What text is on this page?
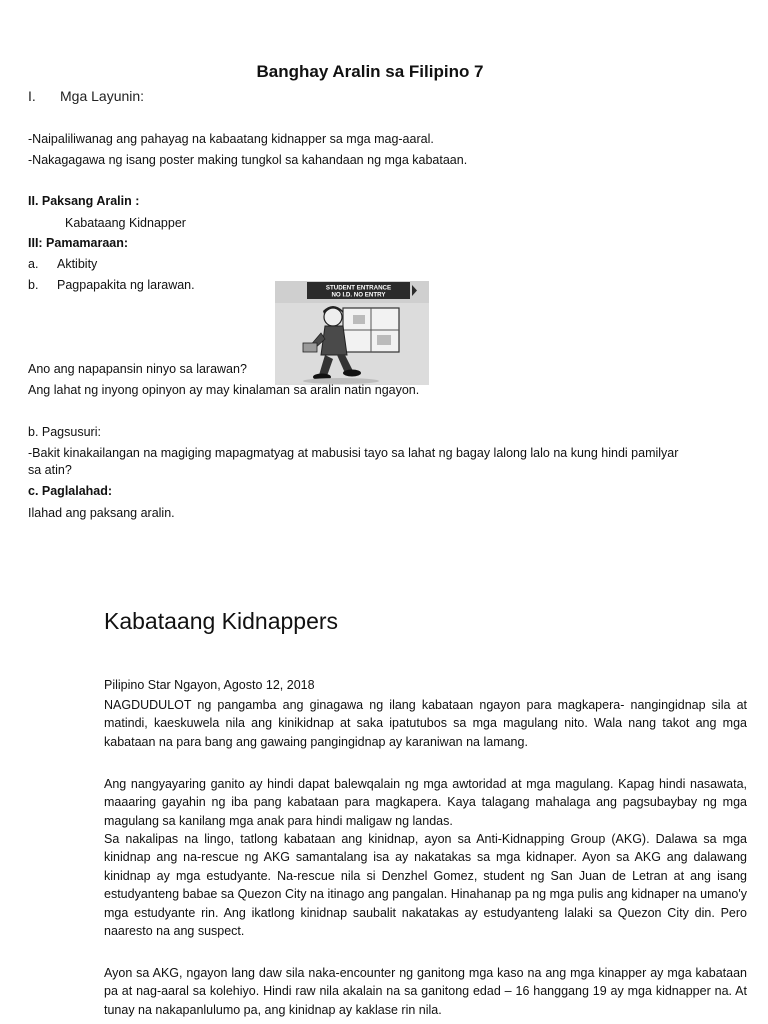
Banghay Aralin sa Filipino 7
I. Mga Layunin:
-Naipaliliwanag ang pahayag na kabaatang kidnapper sa mga mag-aaral.
-Nakagagawa ng isang poster making tungkol sa kahandaan ng mga kabataan.
II. Paksang Aralin :
Kabataang Kidnapper
III: Pamamaraan:
a. Aktibity
b. Pagpapakita ng larawan.	STUDENT ENTRANCE
NO I.D. NO ENTRY
Ano ang napapansin ninyo sa larawan?
Ang lahat ng inyong opinyon ay may kinalaman sa aralin natin ngayon.
b. Pagsusuri:
-Bakit kinakailangan na magiging mapagmatyag at mabusisi tayo sa lahat ng bagay lalong lalo na kung hindi pamilyar
sa atin?
c. Paglalahad:
Ilahad ang paksang aralin.
Kabataang Kidnappers
Pilipino Star Ngayon, Agosto 12, 2018
NAGDUDULOT ng pangamba ang ginagawa ng ilang kabataan ngayon para magkapera- nangingidnap sila at matindi, kaeskuwela nila ang kinikidnap at saka ipatutubos sa mga magulang nito. Wala nang takot ang mga kabataan na para bang ang gawaing pangingidnap ay karaniwan na lamang.
Ang nangyayaring ganito ay hindi dapat balewqalain ng mga awtoridad at mga magulang. Kapag hindi nasawata, maaaring gayahin ng iba pang kabataan para magkapera. Kaya talagang mahalaga ang pagsubaybay ng mga magulang sa kanilang mga anak para hindi maligaw ng landas.
Sa nakalipas na lingo, tatlong kabataan ang kinidnap, ayon sa Anti-Kidnapping Group (AKG). Dalawa sa mga kinidnap ang na-rescue ng AKG samantalang isa ay nakatakas sa mga kidnaper. Ayon sa AKG ang dalawang kinidnap ay mga estudyante. Na-rescue nila si Denzhel Gomez, student ng San Juan de Letran at ang isang estudyanteng babae sa Quezon City na itinago ang pangalan. Hinahanap pa ng mga pulis ang kidnaper na umano'y mga estudyante rin. Ang ikatlong kinidnap saubalit nakatakas ay estudyanteng lalaki sa Quezon City din. Pero naaresto na ang suspect.
Ayon sa AKG, ngayon lang daw sila naka-encounter ng ganitong mga kaso na ang mga kinapper ay mga kabataan pa at nag-aaral sa kolehiyo. Hindi raw nila akalain na sa ganitong edad – 16 hanggang 19 ay mga kidnapper na. At tunay na nakapanlulumo pa, ang kinidnap ay kaklase rin nila.
